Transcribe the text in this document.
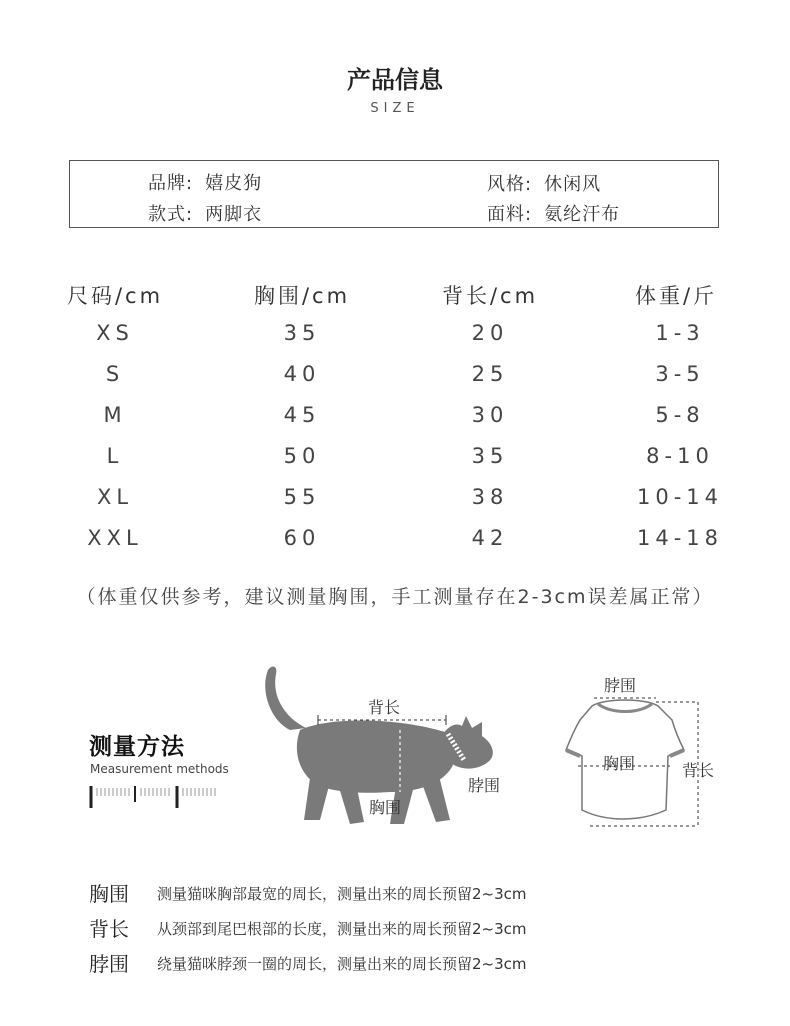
产品信息
SIZE
品牌: 嬉皮狗
款式: 两脚衣
风格: 休闲风
面料: 氨纶汗布
尺码/cm	胸围/cm	背长/cm	体重/斤
XS	35	20	1-3
S	40	25	3-5
M	45	30	5-8
L	50	35	8-10
XL	55	38	10-14
XXL	60	42	14-18
（体重仅供参考，建议测量胸围，手工测量存在2-3cm误差属正常）
测量方法
Measurement methods
背长
脖围
胸围
脖围
胸围	背长
胸围 测量猫咪胸部最宽的周长，测量出来的周长预留2~3cm
背长 从颈部到尾巴根部的长度，测量出来的周长预留2~3cm
脖围 绕量猫咪脖颈一圈的周长，测量出来的周长预留2~3cm
